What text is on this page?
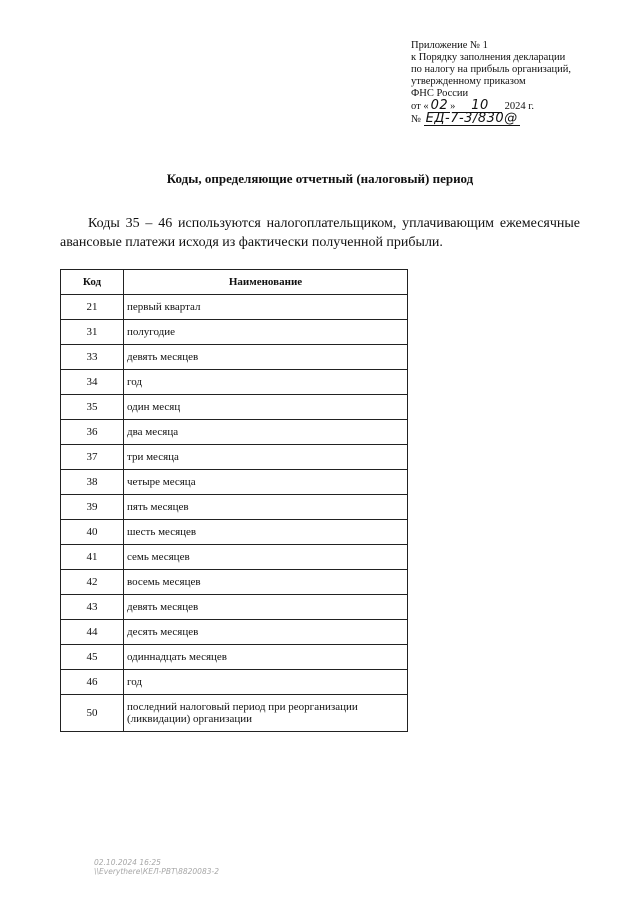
Приложение № 1
к Порядку заполнения декларации
по налогу на прибыль организаций,
утвержденному приказом
ФНС России
от « 02 » 10 2024 г.
№ ЕД-7-3/830@
Коды, определяющие отчетный (налоговый) период
Коды 35 – 46 используются налогоплательщиком, уплачивающим ежемесячные авансовые платежи исходя из фактически полученной прибыли.
Код	Наименование
21	первый квартал
31	полугодие
33	девять месяцев
34	год
35	один месяц
36	два месяца
37	три месяца
38	четыре месяца
39	пять месяцев
40	шесть месяцев
41	семь месяцев
42	восемь месяцев
43	девять месяцев
44	десять месяцев
45	одиннадцать месяцев
46	год
50	последний налоговый период при реорганизации (ликвидации) организации
02.10.2024 16:25
\\Everythere\КЕЛ-РВТ\8820083-2
